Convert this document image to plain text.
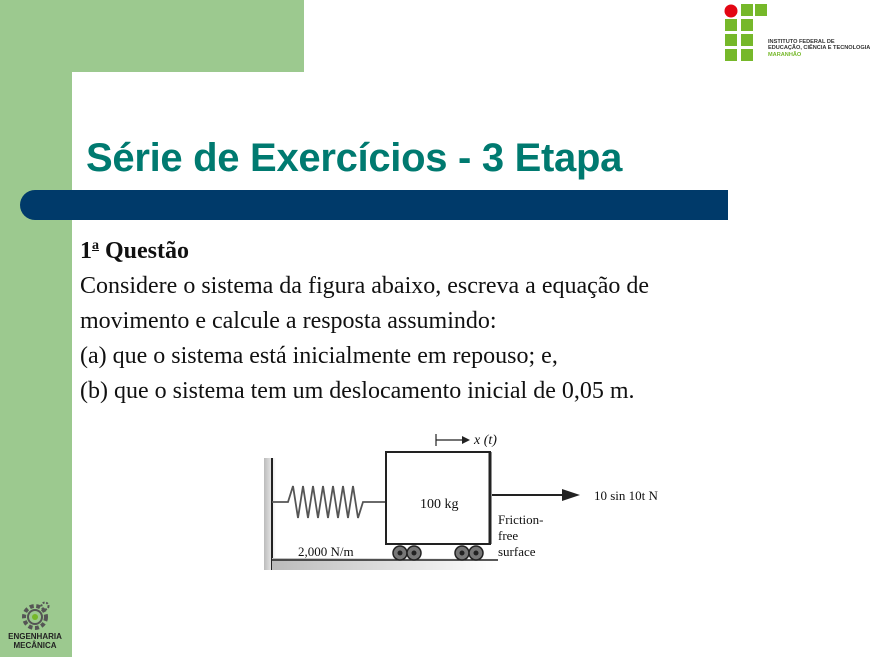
INSTITUTO FEDERAL DE
EDUCAÇÃO, CIÊNCIA E TECNOLOGIA
MARANHÃO
Série de Exercícios - 3 Etapa

1$^a$ Questão

Considere o sistema da figura abaixo, escreva a equação de

movimento e calcule a resposta assumindo:

(a) que o sistema está inicialmente em repouso; e,

(b) que o sistema tem um deslocamento inicial de 0,05 m.

2,000 N/m
100 kg
x (t)
10 sin 10t N
Friction-
free
surface
ENGENHARIA
MECÂNICA
